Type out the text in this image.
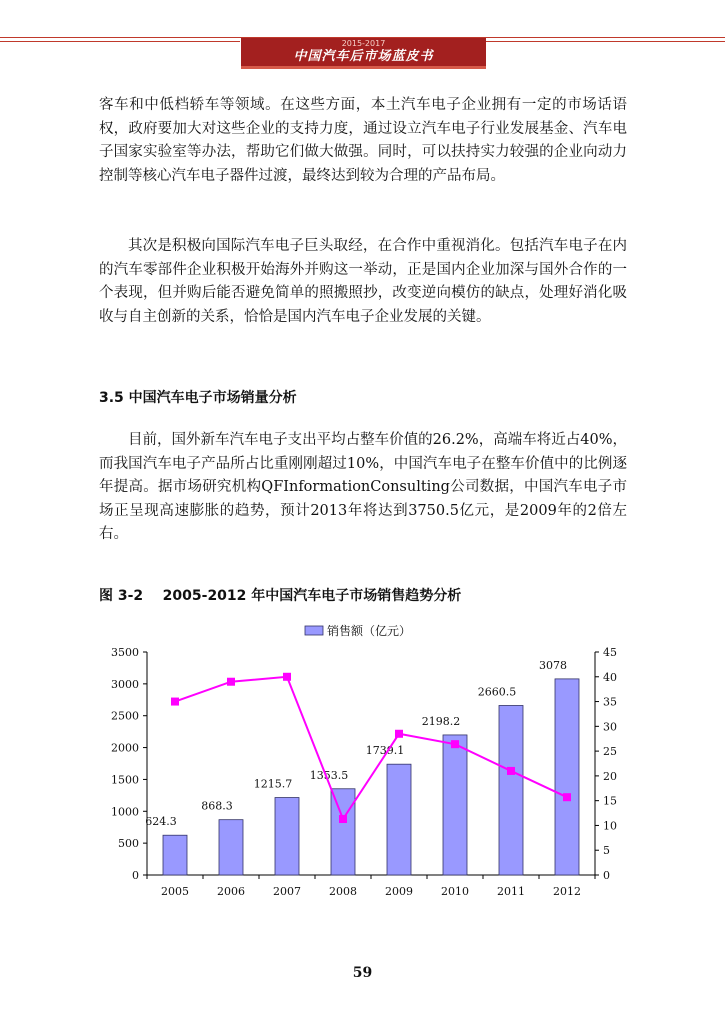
2015-2017
中国汽车后市场蓝皮书

客车和中低档轿车等领域。在这些方面，本土汽车电子企业拥有一定的市场话语权，政府要加大对这些企业的支持力度，通过设立汽车电子行业发展基金、汽车电子国家实验室等办法，帮助它们做大做强。同时，可以扶持实力较强的企业向动力控制等核心汽车电子器件过渡，最终达到较为合理的产品布局。

其次是积极向国际汽车电子巨头取经，在合作中重视消化。包括汽车电子在内的汽车零部件企业积极开始海外并购这一举动，正是国内企业加深与国外合作的一个表现，但并购后能否避免简单的照搬照抄，改变逆向模仿的缺点，处理好消化吸收与自主创新的关系，恰恰是国内汽车电子企业发展的关键。

3.5 中国汽车电子市场销量分析

目前，国外新车汽车电子支出平均占整车价值的26.2%，高端车将近占40%，而我国汽车电子产品所占比重刚刚超过10%，中国汽车电子在整车价值中的比例逐年提高。据市场研究机构QFInformationConsulting公司数据，中国汽车电子市场正呈现高速膨胀的趋势，预计2013年将达到3750.5亿元，是2009年的2倍左右。

图 3-2    2005-2012 年中国汽车电子市场销售趋势分析
0
500
1000
1500
2000
2500
3000
3500
0
5
10
15
20
25
30
35
40
45
2005	2006	2007	2008	2009	2010	2011	2012
624.3
868.3
1215.7
1353.5
1739.1
2198.2
2660.5
3078
销售额（亿元）
59
